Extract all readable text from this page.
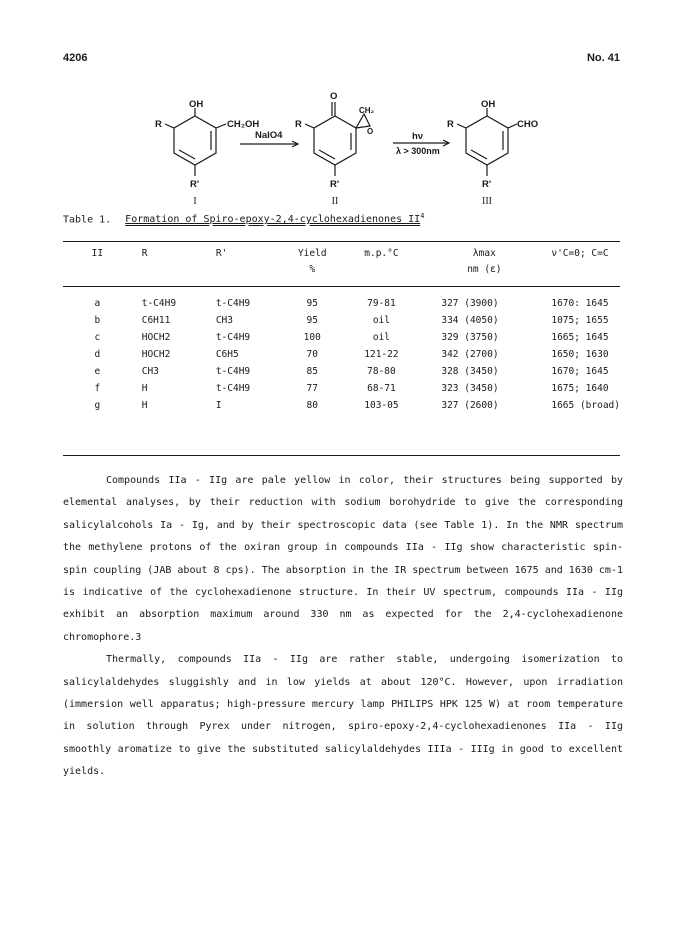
4206	No. 41
OH
CH₂OH
R
R'
I
NaIO4
O
CH₂
O
R
R'
II
hν
λ > 300nm
OH
CHO
R
R'
III
Table 1. Formation of Spiro-epoxy-2,4-cyclohexadienones $II^4$
II	R	R'	Yield	m.p.°C	λmax	ν'C=0; C=C
			%		nm (ε)	

a	t-C4H9	t-C4H9	95	79-81	327 (3900)	1670: 1645
b	C6H11	CH3	95	oil	334 (4050)	1075; 1655
c	HOCH2	t-C4H9	100	oil	329 (3750)	1665; 1645
d	HOCH2	C6H5	70	121-22	342 (2700)	1650; 1630
e	CH3	t-C4H9	85	78-80	328 (3450)	1670; 1645
f	H	t-C4H9	77	68-71	323 (3450)	1675; 1640
g	H	I	80	103-05	327 (2600)	1665 (broad)

Compounds IIa - IIg are pale yellow in color, their structures being supported by elemental analyses, by their reduction with sodium borohydride to give the corresponding salicylalcohols Ia - Ig, and by their spectroscopic data (see Table 1). In the NMR spectrum the methylene protons of the oxiran group in compounds IIa - IIg show characteristic spin-spin coupling (JAB about 8 cps). The absorption in the IR spectrum between 1675 and 1630 cm-1 is indicative of the cyclohexadienone structure. In their UV spectrum, compounds IIa - IIg exhibit an absorption maximum around 330 nm as expected for the 2,4-cyclohexadienone chromophore.3

Thermally, compounds IIa - IIg are rather stable, undergoing isomerization to salicylaldehydes sluggishly and in low yields at about 120°C. However, upon irradiation (immersion well apparatus; high-pressure mercury lamp PHILIPS HPK 125 W) at room temperature in solution through Pyrex under nitrogen, spiro-epoxy-2,4-cyclohexadienones IIa - IIg smoothly aromatize to give the substituted salicylaldehydes IIIa - IIIg in good to excellent yields.
